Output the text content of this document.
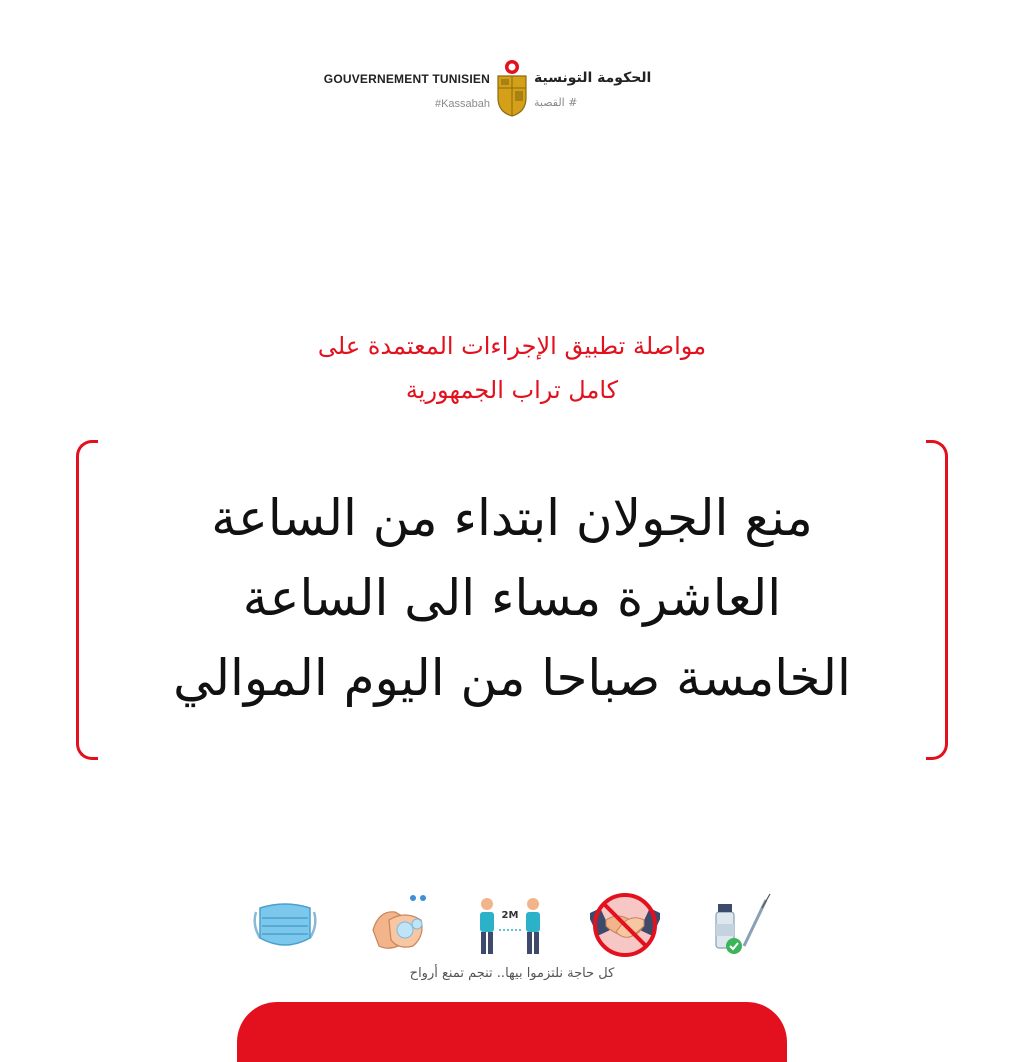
GOUVERNEMENT TUNISIEN
#Kassabah
الحكومة التونسية
# القصبة
مواصلة تطبيق الإجراءات المعتمدة على
كامل تراب الجمهورية
منع الجولان ابتداء من الساعة
العاشرة مساء الى الساعة
الخامسة صباحا من اليوم الموالي
2M
كل حاجة نلتزموا بيها.. تنجم تمنع أرواح
